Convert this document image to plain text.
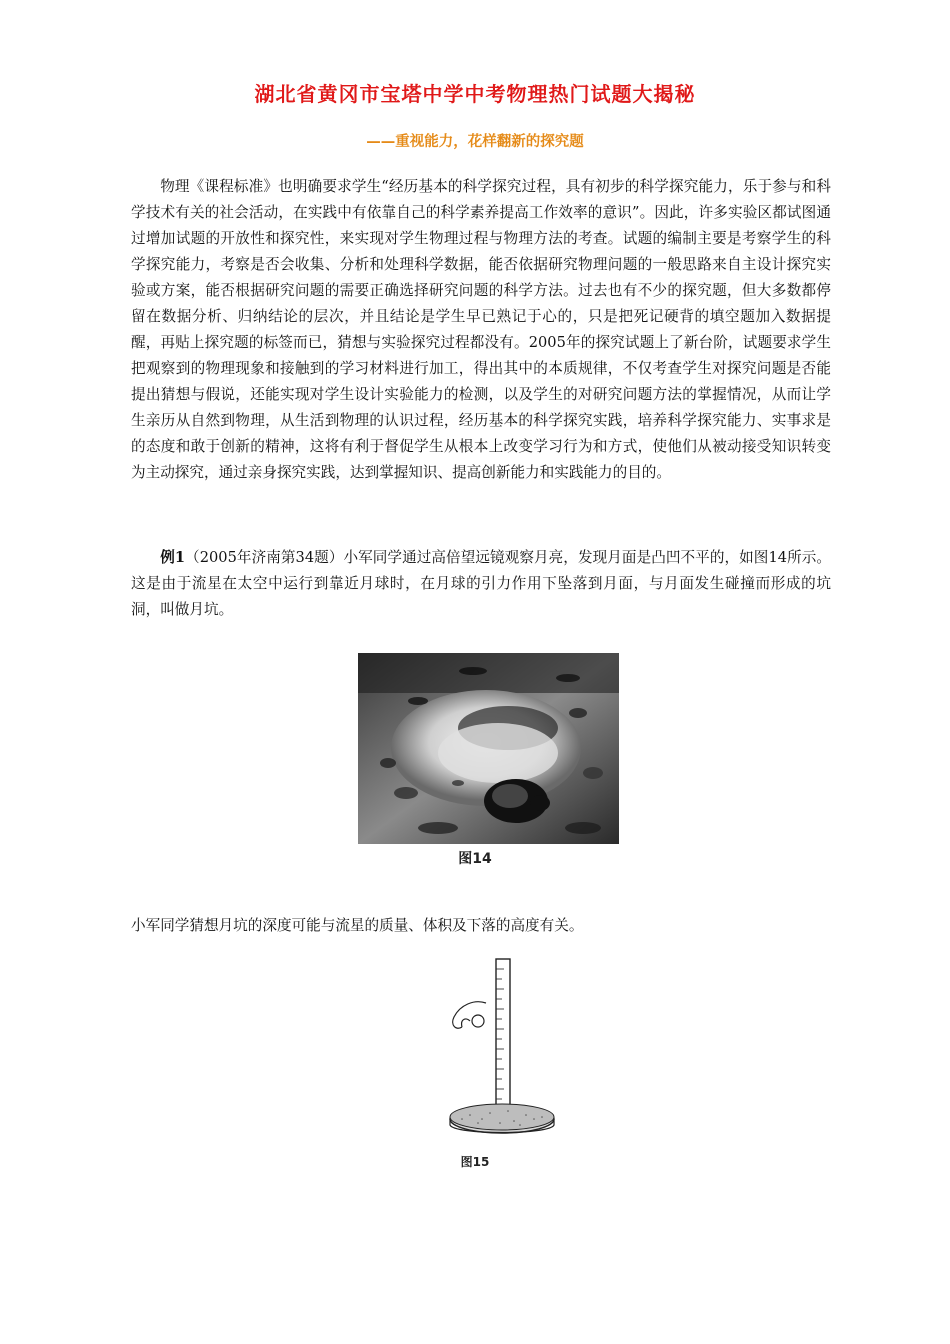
湖北省黄冈市宝塔中学中考物理热门试题大揭秘
——重视能力，花样翻新的探究题
物理《课程标准》也明确要求学生“经历基本的科学探究过程，具有初步的科学探究能力，乐于参与和科学技术有关的社会活动，在实践中有依靠自己的科学素养提高工作效率的意识”。因此，许多实验区都试图通过增加试题的开放性和探究性，来实现对学生物理过程与物理方法的考查。试题的编制主要是考察学生的科学探究能力，考察是否会收集、分析和处理科学数据，能否依据研究物理问题的一般思路来自主设计探究实验或方案，能否根据研究问题的需要正确选择研究问题的科学方法。过去也有不少的探究题，但大多数都停留在数据分析、归纳结论的层次，并且结论是学生早已熟记于心的，只是把死记硬背的填空题加入数据提醒，再贴上探究题的标签而已，猜想与实验探究过程都没有。2005年的探究试题上了新台阶，试题要求学生把观察到的物理现象和接触到的学习材料进行加工，得出其中的本质规律，不仅考查学生对探究问题是否能提出猜想与假说，还能实现对学生设计实验能力的检测，以及学生的对研究问题方法的掌握情况，从而让学生亲历从自然到物理，从生活到物理的认识过程，经历基本的科学探究实践，培养科学探究能力、实事求是的态度和敢于创新的精神，这将有利于督促学生从根本上改变学习行为和方式，使他们从被动接受知识转变为主动探究，通过亲身探究实践，达到掌握知识、提高创新能力和实践能力的目的。
例1（2005年济南第34题）小军同学通过高倍望远镜观察月亮，发现月面是凸凹不平的，如图14所示。这是由于流星在太空中运行到靠近月球时，在月球的引力作用下坠落到月面，与月面发生碰撞而形成的坑洞，叫做月坑。
图14
小军同学猜想月坑的深度可能与流星的质量、体积及下落的高度有关。
图15
